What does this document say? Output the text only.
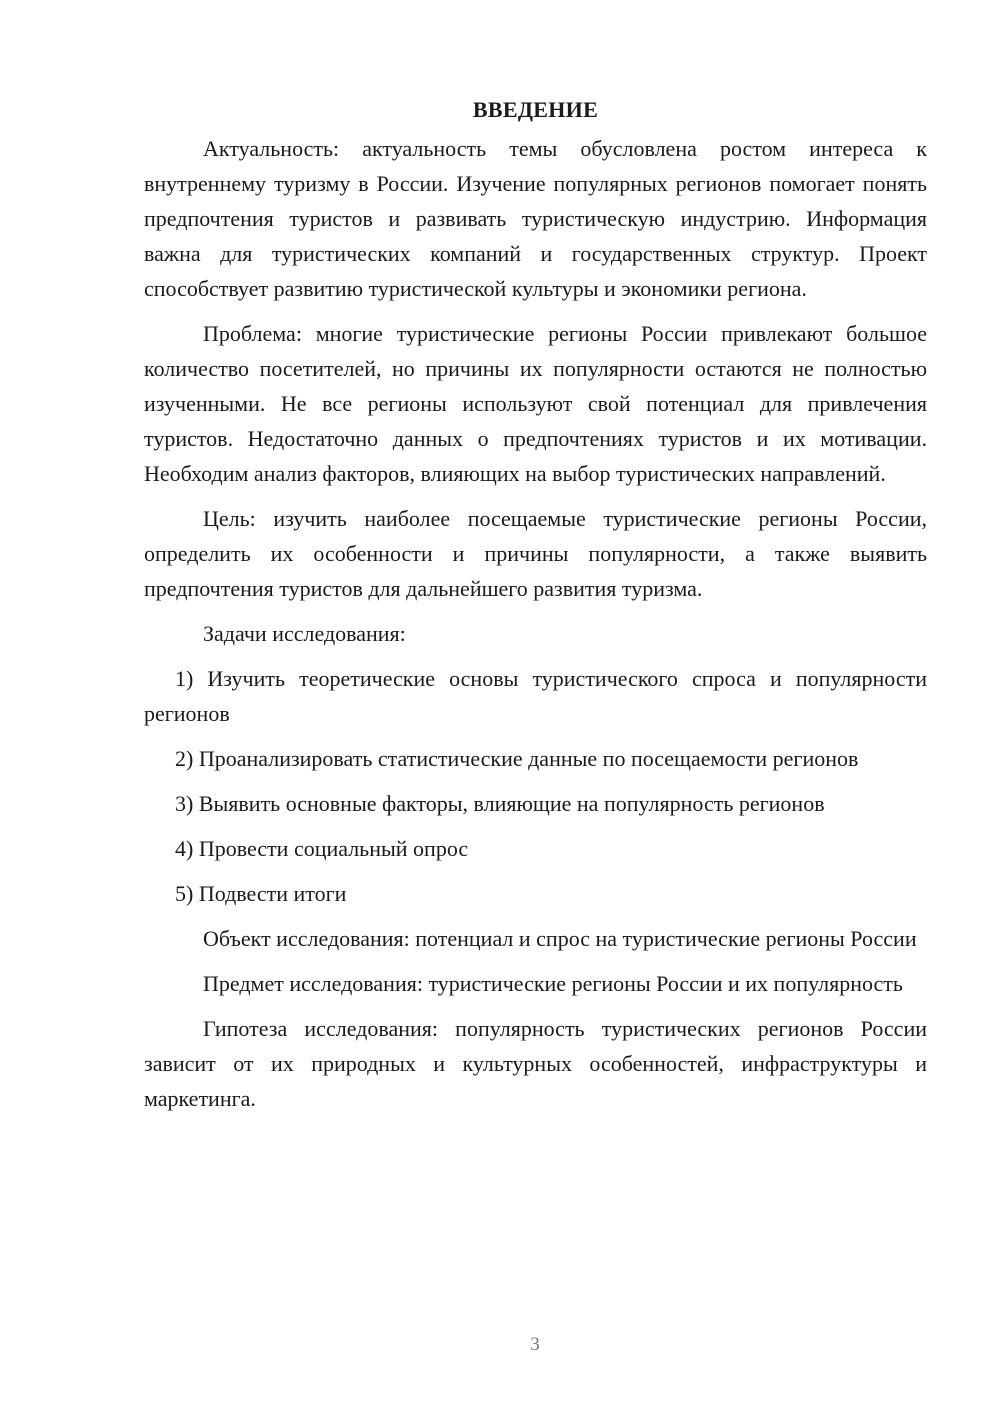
ВВЕДЕНИЕ

Актуальность: актуальность темы обусловлена ростом интереса к внутреннему туризму в России. Изучение популярных регионов помогает понять предпочтения туристов и развивать туристическую индустрию. Информация важна для туристических компаний и государственных структур. Проект способствует развитию туристической культуры и экономики региона.

Проблема: многие туристические регионы России привлекают большое количество посетителей, но причины их популярности остаются не полностью изученными. Не все регионы используют свой потенциал для привлечения туристов. Недостаточно данных о предпочтениях туристов и их мотивации. Необходим анализ факторов, влияющих на выбор туристических направлений.

Цель: изучить наиболее посещаемые туристические регионы России, определить их особенности и причины популярности, а также выявить предпочтения туристов для дальнейшего развития туризма.

Задачи исследования:

1) Изучить теоретические основы туристического спроса и популярности регионов

2) Проанализировать статистические данные по посещаемости регионов

3) Выявить основные факторы, влияющие на популярность регионов

4) Провести социальный опрос

5) Подвести итоги

Объект исследования: потенциал и спрос на туристические регионы России

Предмет исследования: туристические регионы России и их популярность

Гипотеза исследования: популярность туристических регионов России зависит от их природных и культурных особенностей, инфраструктуры и маркетинга.

3
